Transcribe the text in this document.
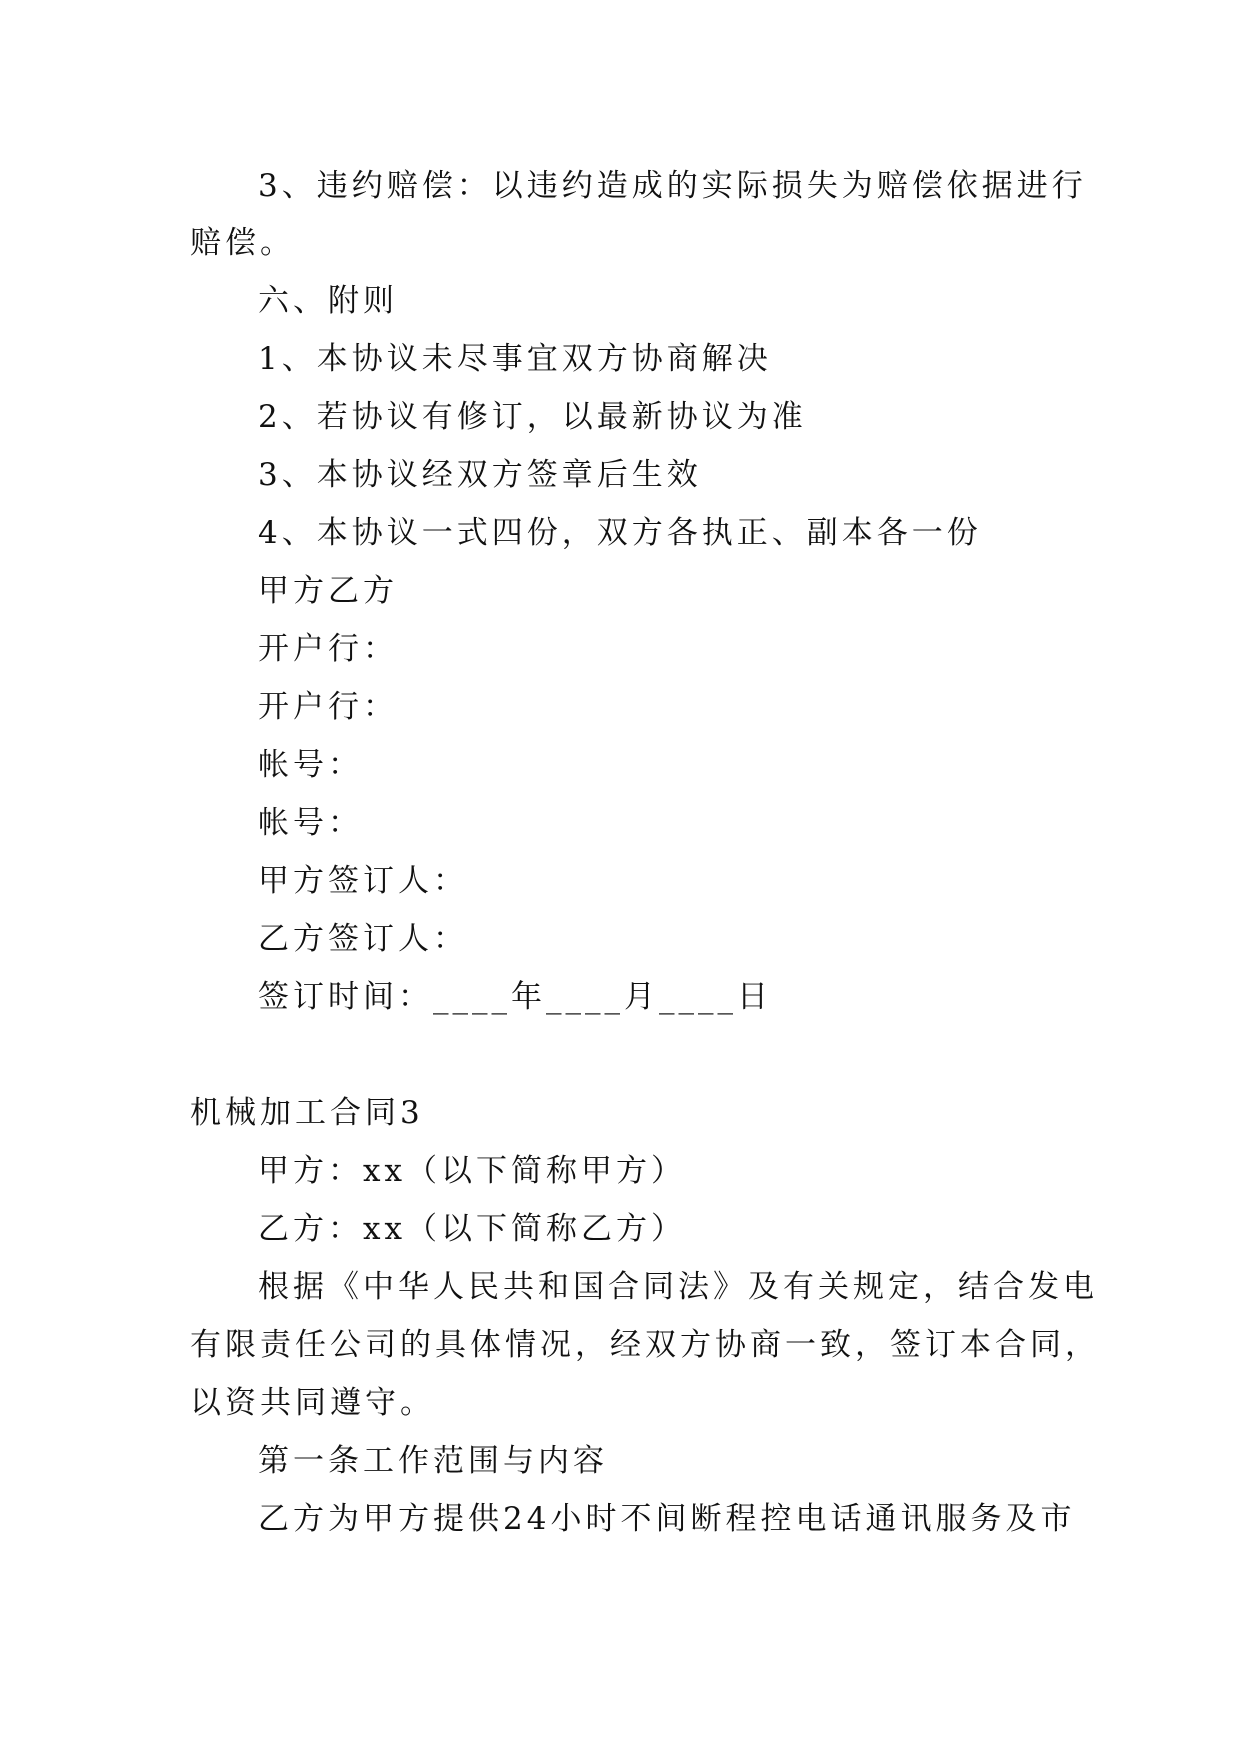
3、违约赔偿：以违约造成的实际损失为赔偿依据进行
赔偿。
六、附则
1、本协议未尽事宜双方协商解决
2、若协议有修订，以最新协议为准
3、本协议经双方签章后生效
4、本协议一式四份，双方各执正、副本各一份
甲方乙方
开户行：
开户行：
帐号：
帐号：
甲方签订人：
乙方签订人：
签订时间：____年____月____日
机械加工合同3
甲方：xx（以下简称甲方）
乙方：xx（以下简称乙方）
根据《中华人民共和国合同法》及有关规定，结合发电
有限责任公司的具体情况，经双方协商一致，签订本合同，
以资共同遵守。
第一条工作范围与内容
乙方为甲方提供24小时不间断程控电话通讯服务及市
